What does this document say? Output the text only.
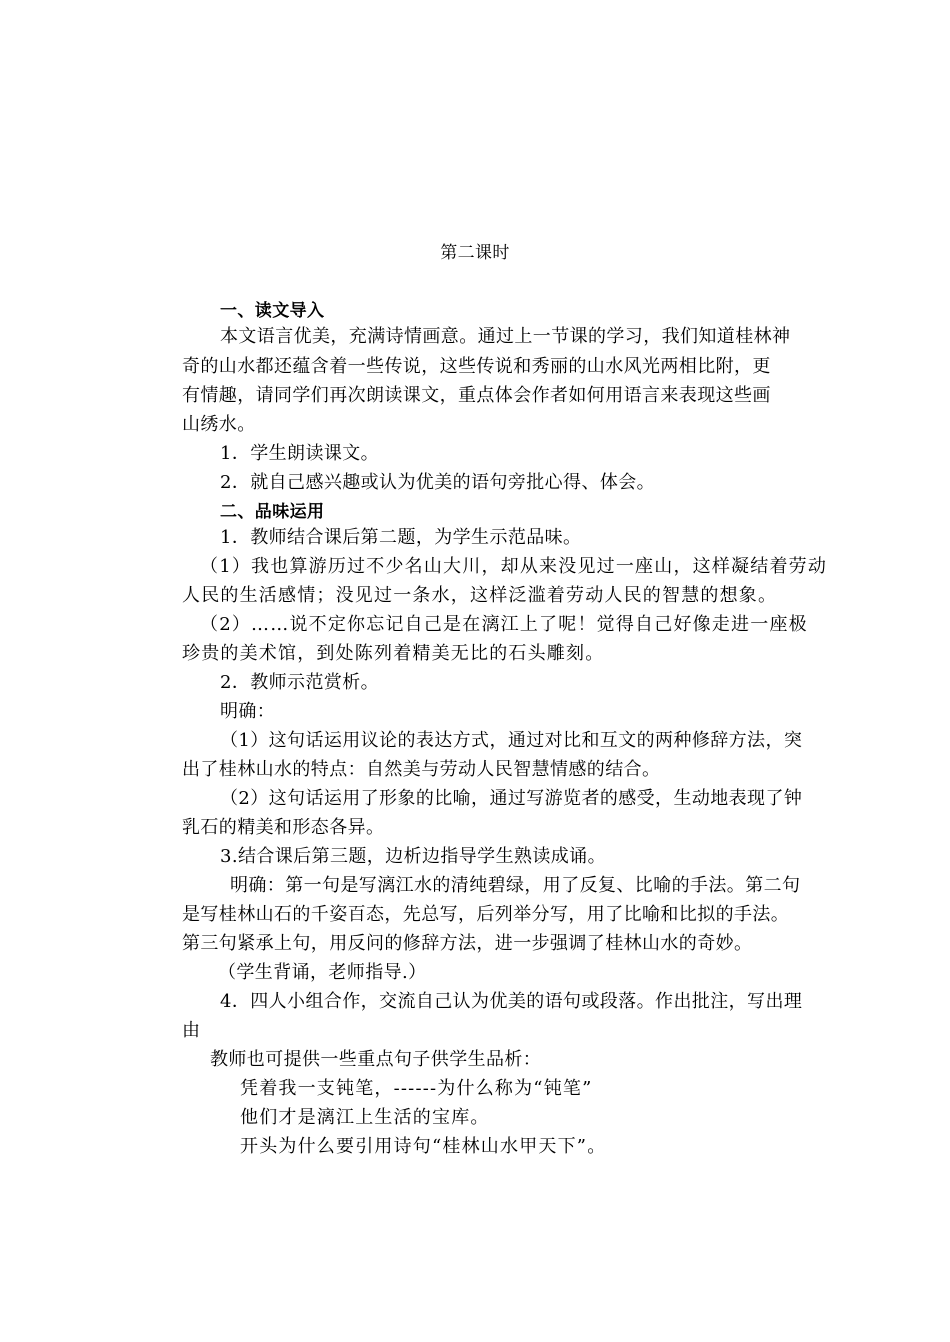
第二课时
一、读文导入
本文语言优美，充满诗情画意。通过上一节课的学习，我们知道桂林神
奇的山水都还蕴含着一些传说，这些传说和秀丽的山水风光两相比附，更
有情趣，请同学们再次朗读课文，重点体会作者如何用语言来表现这些画
山绣水。
1．学生朗读课文。
2．就自己感兴趣或认为优美的语句旁批心得、体会。
二、品味运用
1．教师结合课后第二题，为学生示范品味。
（1）我也算游历过不少名山大川，却从来没见过一座山，这样凝结着劳动
人民的生活感情；没见过一条水，这样泛滥着劳动人民的智慧的想象。
（2）……说不定你忘记自己是在漓江上了呢！觉得自己好像走进一座极
珍贵的美术馆，到处陈列着精美无比的石头雕刻。
2．教师示范赏析。
明确：
（1）这句话运用议论的表达方式，通过对比和互文的两种修辞方法，突
出了桂林山水的特点：自然美与劳动人民智慧情感的结合。
（2）这句话运用了形象的比喻，通过写游览者的感受，生动地表现了钟
乳石的精美和形态各异。
3.结合课后第三题，边析边指导学生熟读成诵。
明确：第一句是写漓江水的清纯碧绿，用了反复、比喻的手法。第二句
是写桂林山石的千姿百态，先总写，后列举分写，用了比喻和比拟的手法。
第三句紧承上句，用反问的修辞方法，进一步强调了桂林山水的奇妙。
（学生背诵，老师指导.）
4．四人小组合作，交流自己认为优美的语句或段落。作出批注，写出理
由
教师也可提供一些重点句子供学生品析：
凭着我一支钝笔，------为什么称为“钝笔”
他们才是漓江上生活的宝库。
开头为什么要引用诗句“桂林山水甲天下”。
